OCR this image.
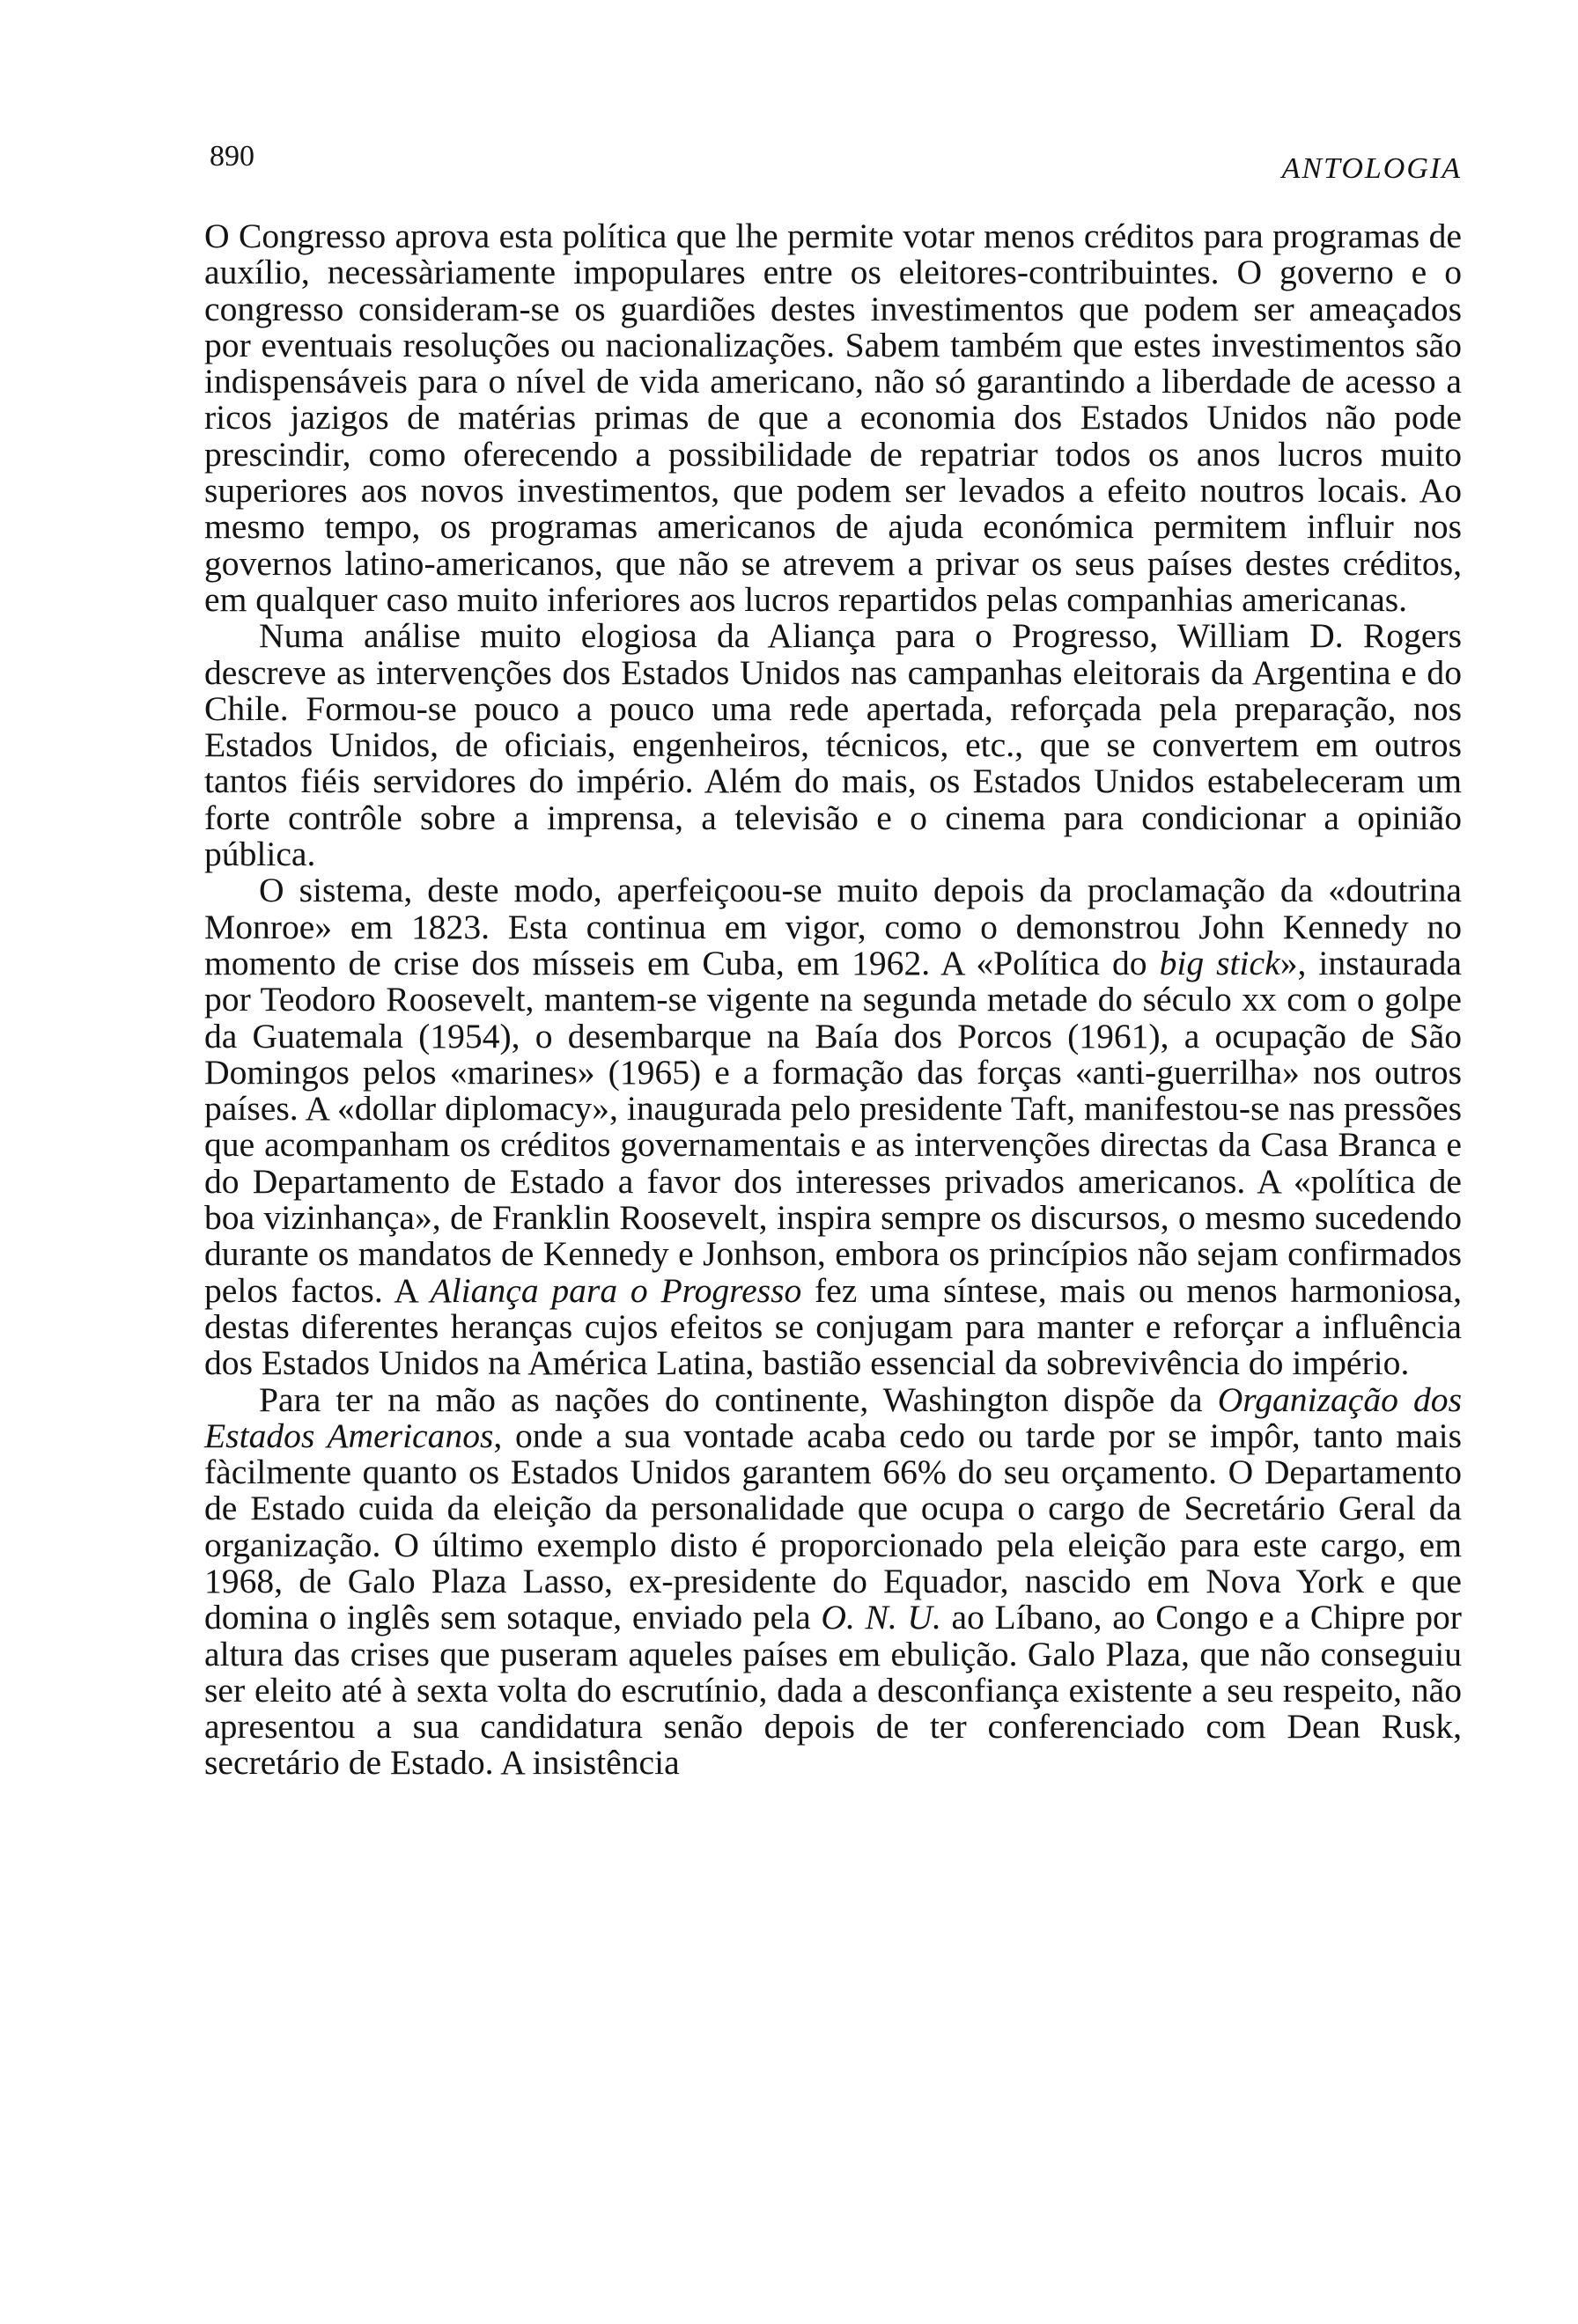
890	ANTOLOGIA

O Congresso aprova esta política que lhe permite votar menos créditos para programas de auxílio, necessàriamente impopulares entre os eleitores-contribuintes. O governo e o congresso consideram-se os guardiões destes investimentos que podem ser ameaçados por eventuais resoluções ou nacionalizações. Sabem também que estes investimentos são indispensáveis para o nível de vida americano, não só garantindo a liberdade de acesso a ricos jazigos de matérias primas de que a economia dos Estados Unidos não pode prescindir, como oferecendo a possibilidade de repatriar todos os anos lucros muito superiores aos novos investimentos, que podem ser levados a efeito noutros locais. Ao mesmo tempo, os programas americanos de ajuda económica permitem influir nos governos latino-americanos, que não se atrevem a privar os seus países destes créditos, em qualquer caso muito inferiores aos lucros repartidos pelas companhias americanas.

Numa análise muito elogiosa da Aliança para o Progresso, William D. Rogers descreve as intervenções dos Estados Unidos nas campanhas eleitorais da Argentina e do Chile. Formou-se pouco a pouco uma rede apertada, reforçada pela preparação, nos Estados Unidos, de oficiais, engenheiros, técnicos, etc., que se convertem em outros tantos fiéis servidores do império. Além do mais, os Estados Unidos estabeleceram um forte contrôle sobre a imprensa, a televisão e o cinema para condicionar a opinião pública.

O sistema, deste modo, aperfeiçoou-se muito depois da proclamação da «doutrina Monroe» em 1823. Esta continua em vigor, como o demonstrou John Kennedy no momento de crise dos mísseis em Cuba, em 1962. A «Política do big stick», instaurada por Teodoro Roosevelt, mantem-se vigente na segunda metade do século xx com o golpe da Guatemala (1954), o desembarque na Baía dos Porcos (1961), a ocupação de São Domingos pelos «marines» (1965) e a formação das forças «anti-guerrilha» nos outros países. A «dollar diplomacy», inaugurada pelo presidente Taft, manifestou-se nas pressões que acompanham os créditos governamentais e as intervenções directas da Casa Branca e do Departamento de Estado a favor dos interesses privados americanos. A «política de boa vizinhança», de Franklin Roosevelt, inspira sempre os discursos, o mesmo sucedendo durante os mandatos de Kennedy e Jonhson, embora os princípios não sejam confirmados pelos factos. A Aliança para o Progresso fez uma síntese, mais ou menos harmoniosa, destas diferentes heranças cujos efeitos se conjugam para manter e reforçar a influência dos Estados Unidos na América Latina, bastião essencial da sobrevivência do império.

Para ter na mão as nações do continente, Washington dispõe da Organização dos Estados Americanos, onde a sua vontade acaba cedo ou tarde por se impôr, tanto mais fàcilmente quanto os Estados Unidos garantem 66% do seu orçamento. O Departamento de Estado cuida da eleição da personalidade que ocupa o cargo de Secretário Geral da organização. O último exemplo disto é proporcionado pela eleição para este cargo, em 1968, de Galo Plaza Lasso, ex-presidente do Equador, nascido em Nova York e que domina o inglês sem sotaque, enviado pela O. N. U. ao Líbano, ao Congo e a Chipre por altura das crises que puseram aqueles países em ebulição. Galo Plaza, que não conseguiu ser eleito até à sexta volta do escrutínio, dada a desconfiança existente a seu respeito, não apresentou a sua candidatura senão depois de ter conferenciado com Dean Rusk, secretário de Estado. A insistência
